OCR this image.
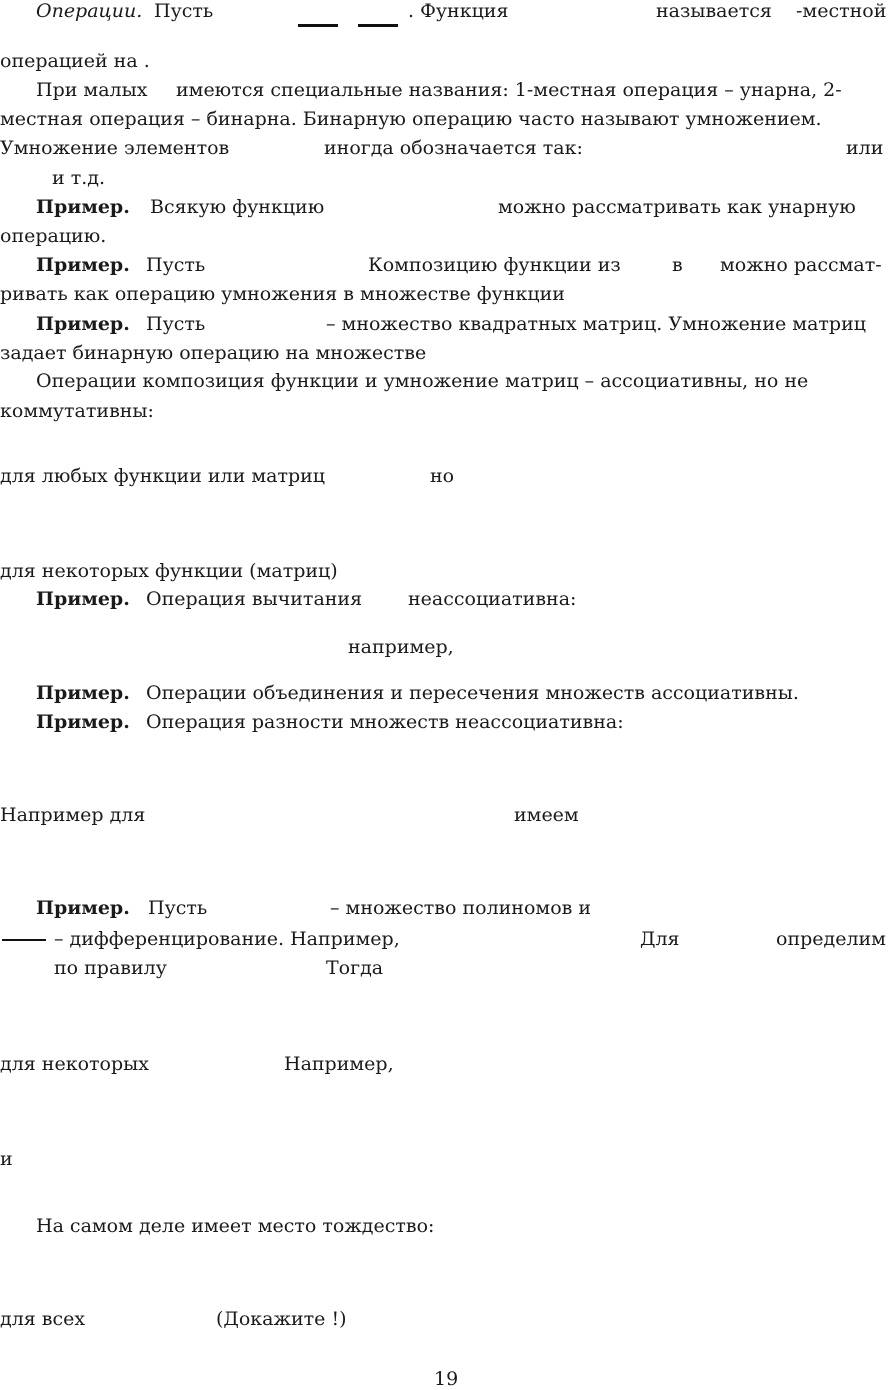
Операции. Пусть	. Функция	называется -местной
операцией на .
При малых имеются специальные названия: 1-местная операция – унарна, 2-
местная операция – бинарна. Бинарную операцию часто называют умножением.
Умножение элементов	иногда обозначается так:	или
и т.д.
Пример. Всякую функцию	можно рассматривать как унарную
операцию.
Пример. Пусть	Композицию функции из	в можно рассмат-
ривать как операцию умножения в множестве функции
Пример. Пусть	– множество квадратных матриц. Умножение матриц
задает бинарную операцию на множестве
Операции композиция функции и умножение матриц – ассоциативны, но не
коммутативны:
для любых функции или матриц	но
для некоторых функции (матриц)
Пример. Операция вычитания неассоциативна:
например,
Пример. Операции объединения и пересечения множеств ассоциативны.
Пример. Операция разности множеств неассоциативна:
Например для	имеем
Пример. Пусть	– множество полиномов и
– дифференцирование. Например,	Для	определим
по правилу	Тогда
для некоторых	Например,
и
На самом деле имеет место тождество:
для всех	(Докажите !)
19
